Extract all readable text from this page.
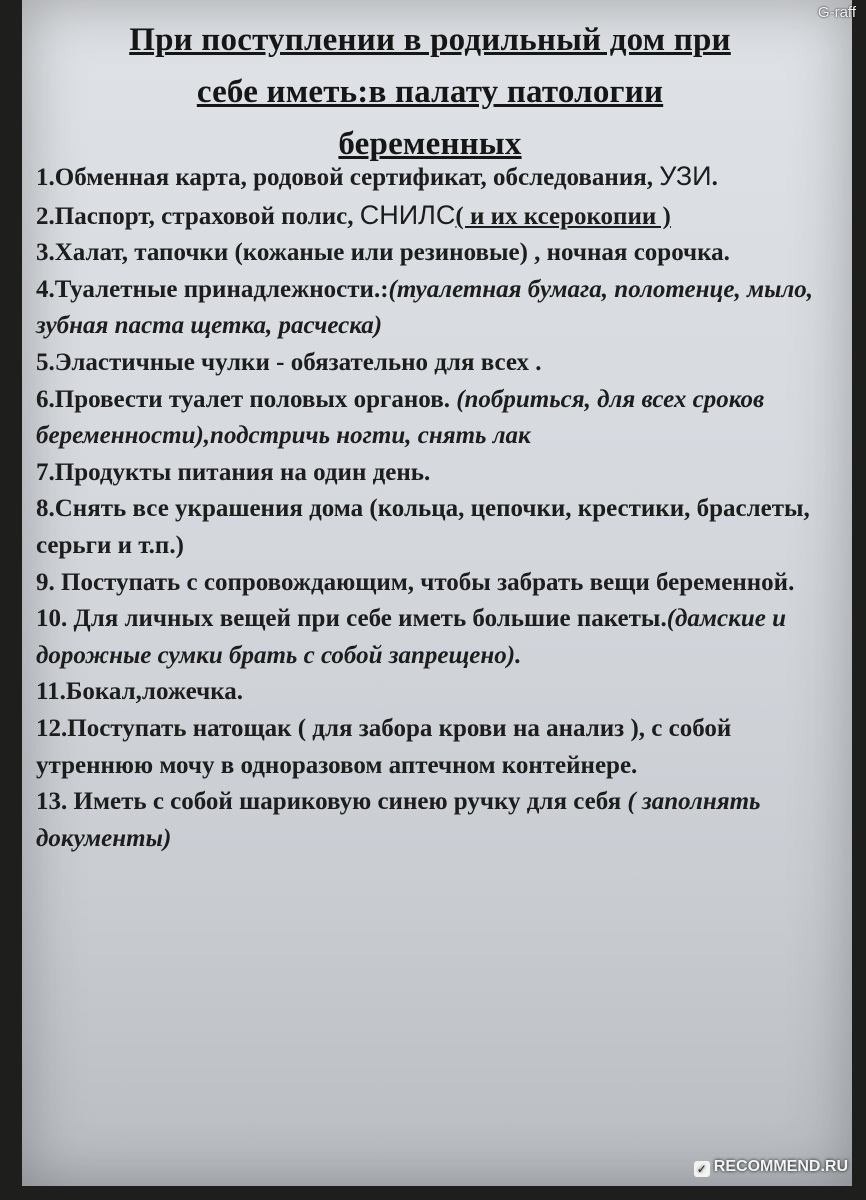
G-raff
При поступлении в родильный дом при
себе иметь:в палату патологии
беременных

1.Обменная карта, родовой сертификат, обследования, УЗИ.

2.Паспорт, страховой полис, СНИЛС( и их ксерокопии )

3.Халат, тапочки (кожаные или резиновые) , ночная сорочка.

4.Туалетные принадлежности.:(туалетная бумага, полотенце, мыло, зубная паста щетка, расческа)

5.Эластичные чулки - обязательно для всех .

6.Провести туалет половых органов. (побриться, для всех сроков беременности),подстричь ногти, снять лак

7.Продукты питания на один день.

8.Снять все украшения дома (кольца, цепочки, крестики, браслеты, серьги и т.п.)

9. Поступать с сопровождающим, чтобы забрать вещи беременной.

10. Для личных вещей при себе иметь большие пакеты.(дамские и дорожные сумки брать с собой запрещено).

11.Бокал,ложечка.

12.Поступать натощак ( для забора крови на анализ ), с собой утреннюю мочу в одноразовом аптечном контейнере.

13. Иметь с собой шариковую синею ручку для себя ( заполнять документы)

✓ RECOMMEND.RU
